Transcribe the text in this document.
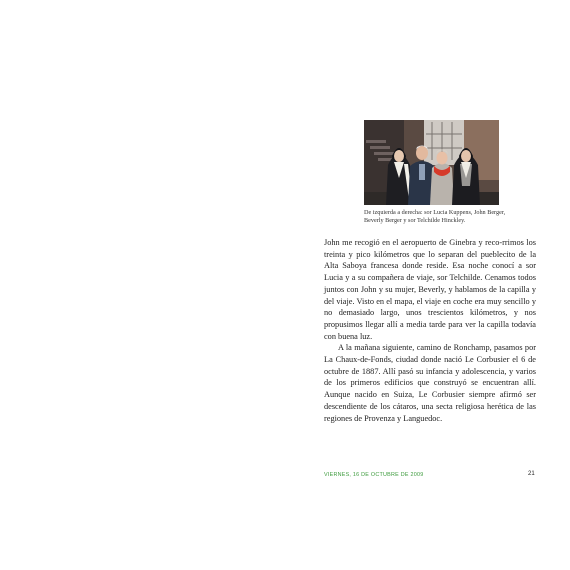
De izquierda a derecha: sor Lucia Kuppens, John Berger, Beverly Berger y sor Telchilde Hinckley.

John me recogió en el aeropuerto de Ginebra y reco-rrimos los treinta y pico kilómetros que lo separan del pueblecito de la Alta Saboya francesa donde reside. Esa noche conocí a sor Lucia y a su compañera de viaje, sor Telchilde. Cenamos todos juntos con John y su mujer, Beverly, y hablamos de la capilla y del viaje. Visto en el mapa, el viaje en coche era muy sencillo y no demasiado largo, unos trescientos kilómetros, y nos propusimos llegar allí a media tarde para ver la capilla todavía con buena luz.

A la mañana siguiente, camino de Ronchamp, pasamos por La Chaux-de-Fonds, ciudad donde nació Le Corbusier el 6 de octubre de 1887. Allí pasó su infancia y adolescencia, y varios de los primeros edificios que construyó se encuentran allí. Aunque nacido en Suiza, Le Corbusier siempre afirmó ser descendiente de los cátaros, una secta religiosa herética de las regiones de Provenza y Languedoc.

VIERNES, 16 DE OCTUBRE DE 2009	21
